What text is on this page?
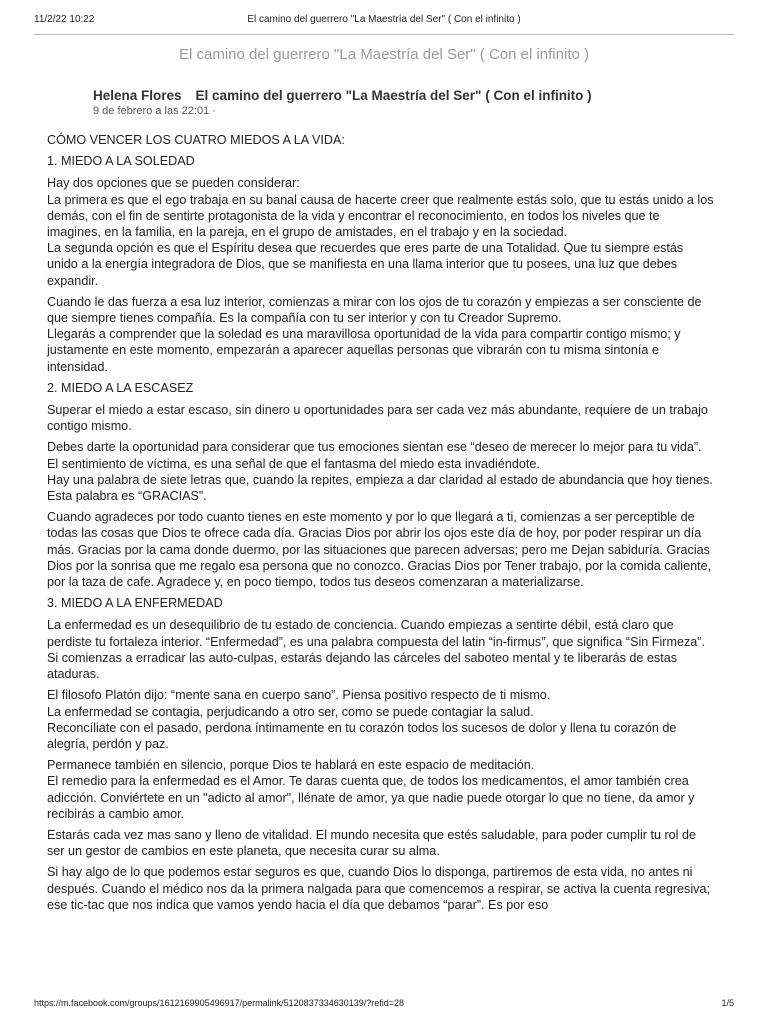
11/2/22 10:22	El camino del guerrero "La Maestría del Ser" ( Con el infinito )
El camino del guerrero "La Maestría del Ser" ( Con el infinito )
Helena Flores El camino del guerrero "La Maestría del Ser" ( Con el infinito )
9 de febrero a las 22:01 ·

CÓMO VENCER LOS CUATRO MIEDOS A LA VIDA:

1. MIEDO A LA SOLEDAD

Hay dos opciones que se pueden considerar:
La primera es que el ego trabaja en su banal causa de hacerte creer que realmente estás solo, que tu estás unido a los demás, con el fin de sentirte protagonista de la vida y encontrar el reconocimiento, en todos los niveles que te imagines, en la familia, en la pareja, en el grupo de amistades, en el trabajo y en la sociedad.
La segunda opción es que el Espíritu desea que recuerdes que eres parte de una Totalidad. Que tu siempre estás unido a la energía integradora de Dios, que se manifiesta en una llama interior que tu posees, una luz que debes expandir.

Cuando le das fuerza a esa luz interior, comienzas a mirar con los ojos de tu corazón y empiezas a ser consciente de que siempre tienes compañía. Es la compañía con tu ser interior y con tu Creador Supremo.
Llegarás a comprender que la soledad es una maravillosa oportunidad de la vida para compartir contigo mismo; y justamente en este momento, empezarán a aparecer aquellas personas que vibrarán con tu misma sintonía e intensidad.

2. MIEDO A LA ESCASEZ

Superar el miedo a estar escaso, sin dinero u oportunidades para ser cada vez más abundante, requiere de un trabajo contigo mismo.

Debes darte la oportunidad para considerar que tus emociones sientan ese “deseo de merecer lo mejor para tu vida”. El sentimiento de víctima, es una señal de que el fantasma del miedo esta invadiéndote.
Hay una palabra de siete letras que, cuando la repites, empieza a dar claridad al estado de abundancia que hoy tienes. Esta palabra es “GRACIAS”.

Cuando agradeces por todo cuanto tienes en este momento y por lo que llegará a ti, comienzas a ser perceptible de todas las cosas que Dios te ofrece cada día. Gracias Dios por abrir los ojos este día de hoy, por poder respirar un día más. Gracias por la cama donde duermo, por las situaciones que parecen adversas; pero me Dejan sabiduría. Gracias Dios por la sonrisa que me regalo esa persona que no conozco. Gracias Dios por Tener trabajo, por la comida caliente, por la taza de cafe. Agradece y, en poco tiempo, todos tus deseos comenzaran a materializarse.

3. MIEDO A LA ENFERMEDAD

La enfermedad es un desequilibrio de tu estado de conciencia. Cuando empiezas a sentirte débil, está claro que perdiste tu fortaleza interior. “Enfermedad”, es una palabra compuesta del latin “in-firmus”, que significa “Sin Firmeza”.
Si comienzas a erradicar las auto-culpas, estarás dejando las cárceles del saboteo mental y te liberarás de estas ataduras.

El filosofo Platón dijo: “mente sana en cuerpo sano”. Piensa positivo respecto de ti mismo.
La enfermedad se contagia, perjudicando a otro ser, como se puede contagiar la salud.
Reconcíliate con el pasado, perdona íntimamente en tu corazón todos los sucesos de dolor y llena tu corazón de alegría, perdón y paz.

Permanece también en silencio, porque Dios te hablará en este espacio de meditación.
El remedio para la enfermedad es el Amor. Te daras cuenta que, de todos los medicamentos, el amor también crea adicción. Conviértete en un "adicto al amor", llénate de amor, ya que nadie puede otorgar lo que no tiene, da amor y recibirás a cambio amor.

Estarás cada vez mas sano y lleno de vitalidad. El mundo necesita que estés saludable, para poder cumplir tu rol de ser un gestor de cambios en este planeta, que necesita curar su alma.

Si hay algo de lo que podemos estar seguros es que, cuando Dios lo disponga, partiremos de esta vida, no antes ni después. Cuando el médico nos da la primera nalgada para que comencemos a respirar, se activa la cuenta regresiva; ese tic-tac que nos indica que vamos yendo hacia el día que debamos “parar”. Es por eso

https://m.facebook.com/groups/1612169905496917/permalink/5120837334630139/?refid=28	1/5
